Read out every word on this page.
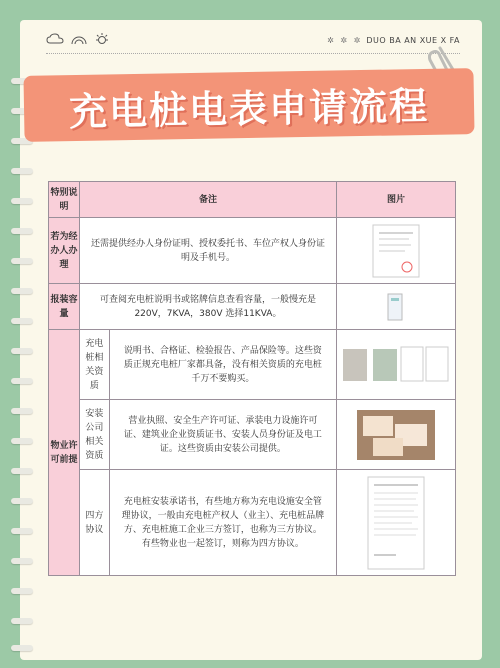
✲ ✲ ✲ DUO BA AN XUE X FA
充电桩电表申请流程
特别说明	备注		图片
若为经办人办理	还需提供经办人身份证明、授权委托书、车位产权人身份证明及手机号。	

报装容量	可查阅充电桩说明书或铭牌信息查看容量，一般慢充是220V，7KVA，380V 选择11KVA。	

物业许可前提	充电桩相关资质	说明书、合格证、检验报告、产品保险等。这些资质正规充电桩厂家都具备，没有相关资质的充电桩千万不要购买。	

	安装公司相关资质	营业执照、安全生产许可证、承装电力设施许可证、建筑业企业资质证书、安装人员身份证及电工证。这些资质由安装公司提供。	

	四方协议	充电桩安装承诺书，有些地方称为充电设施安全管理协议，一般由充电桩产权人（业主）、充电桩品牌方、充电桩施工企业三方签订，也称为三方协议。有些物业也一起签订，则称为四方协议。	
